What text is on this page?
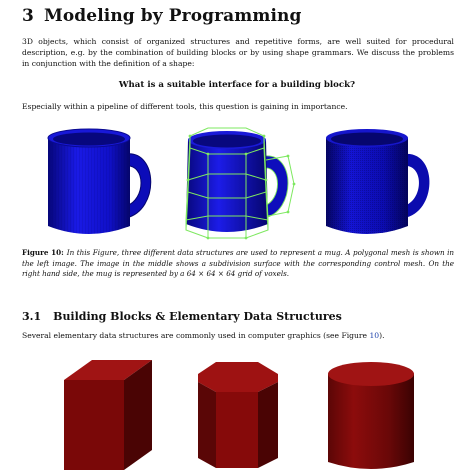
3 Modeling by Programming

3D objects, which consist of organized structures and repetitive forms, are well suited for procedural description, e.g. by the combination of building blocks or by using shape grammars. We discuss the problems in conjunction with the definition of a shape:

What is a suitable interface for a building block?

Especially within a pipeline of different tools, this question is gaining in importance.

Figure 10: In this Figure, three different data structures are used to represent a mug. A polygonal mesh is shown in the left image. The image in the middle shows a subdivision surface with the corresponding control mesh. On the right hand side, the mug is represented by a 64 × 64 × 64 grid of voxels.

3.1 Building Blocks & Elementary Data Structures

Several elementary data structures are commonly used in computer graphics (see Figure 10).
